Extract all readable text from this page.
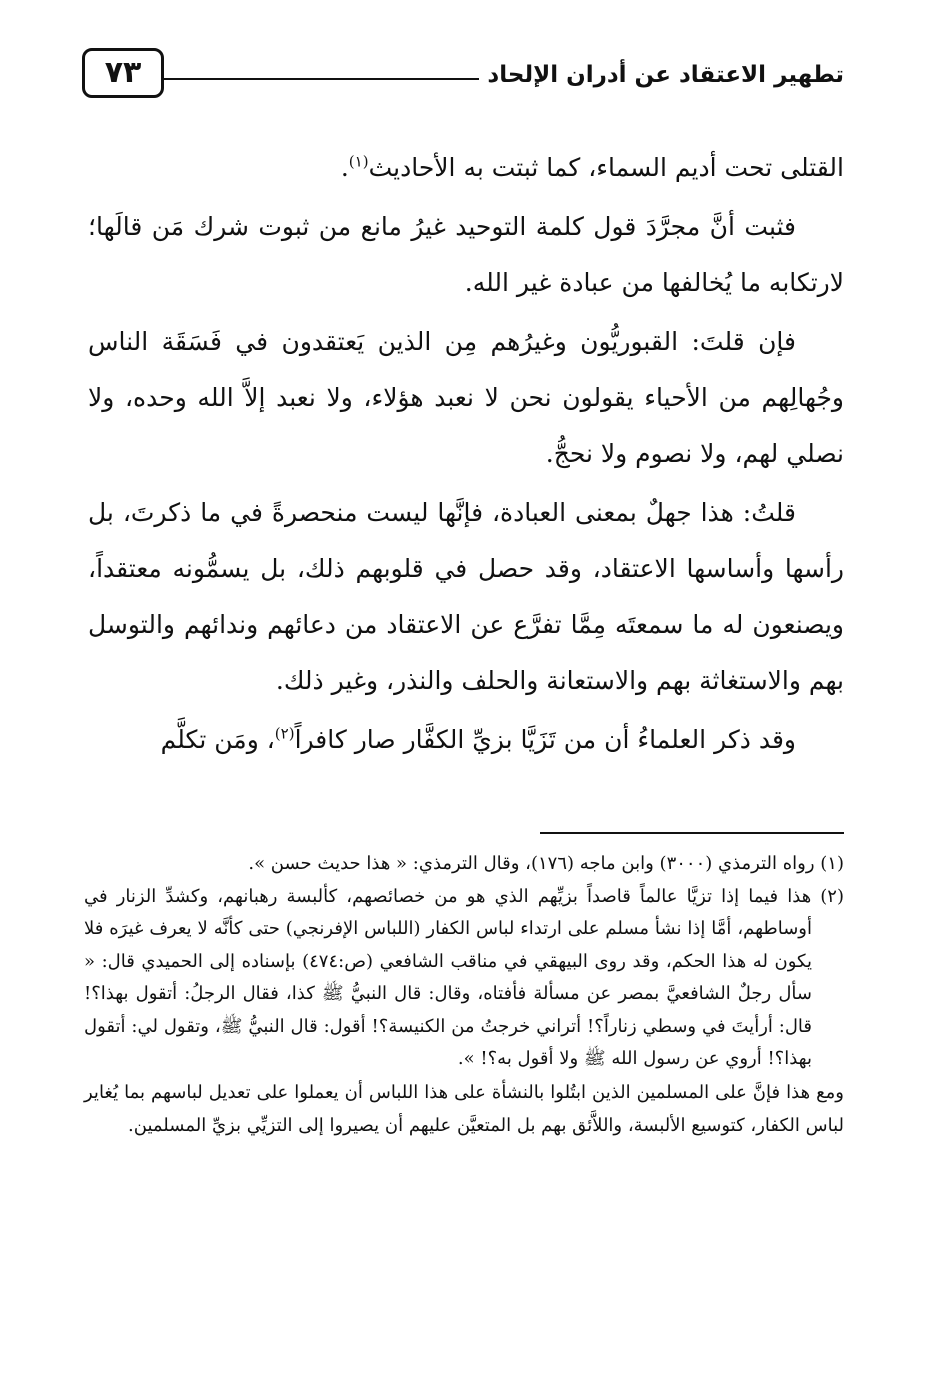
تطهير الاعتقاد عن أدران الإلحاد
٧٣

القتلى تحت أديم السماء، كما ثبتت به الأحاديث$^{(١)}$.

فثبت أنَّ مجرَّدَ قول كلمة التوحيد غيرُ مانع من ثبوت شرك مَن قالَها؛ لارتكابه ما يُخالفها من عبادة غير الله.

فإن قلتَ: القبوريُّون وغيرُهم مِن الذين يَعتقدون في فَسَقَة الناس وجُهالِهم من الأحياء يقولون نحن لا نعبد هؤلاء، ولا نعبد إلاَّ الله وحده، ولا نصلي لهم، ولا نصوم ولا نحجُّ.

قلتُ: هذا جهلٌ بمعنى العبادة، فإنَّها ليست منحصرةً في ما ذكرتَ، بل رأسها وأساسها الاعتقاد، وقد حصل في قلوبهم ذلك، بل يسمُّونه معتقداً، ويصنعون له ما سمعتَه مِمَّا تفرَّع عن الاعتقاد من دعائهم وندائهم والتوسل بهم والاستغاثة بهم والاستعانة والحلف والنذر، وغير ذلك.

وقد ذكر العلماءُ أن من تَزَيَّا بزيِّ الكفَّار صار كافراً$^{(٢)}$، ومَن تكلَّم

(١) رواه الترمذي (٣٠٠٠) وابن ماجه (١٧٦)، وقال الترمذي: « هذا حديث حسن ».

(٢) هذا فيما إذا تزيَّا عالماً قاصداً بزيِّهم الذي هو من خصائصهم، كألبسة رهبانهم، وكشدِّ الزنار في أوساطهم، أمَّا إذا نشأ مسلم على ارتداء لباس الكفار (اللباس الإفرنجي) حتى كأنَّه لا يعرف غيرَه فلا يكون له هذا الحكم، وقد روى البيهقي في مناقب الشافعي (ص:٤٧٤) بإسناده إلى الحميدي قال: « سأل رجلٌ الشافعيَّ بمصر عن مسألة فأفتاه، وقال: قال النبيُّ ﷺ كذا، فقال الرجلُ: أتقول بهذا؟! قال: أرأيتَ في وسطي زناراً؟! أتراني خرجتُ من الكنيسة؟! أقول: قال النبيُّ ﷺ، وتقول لي: أتقول بهذا؟! أروي عن رسول الله ﷺ ولا أقول به؟! ».

ومع هذا فإنَّ على المسلمين الذين ابتُلوا بالنشأة على هذا اللباس أن يعملوا على تعديل لباسهم بما يُغاير لباس الكفار، كتوسيع الألبسة، واللاَّئق بهم بل المتعيَّن عليهم أن يصيروا إلى التزيِّي بزيِّ المسلمين.
